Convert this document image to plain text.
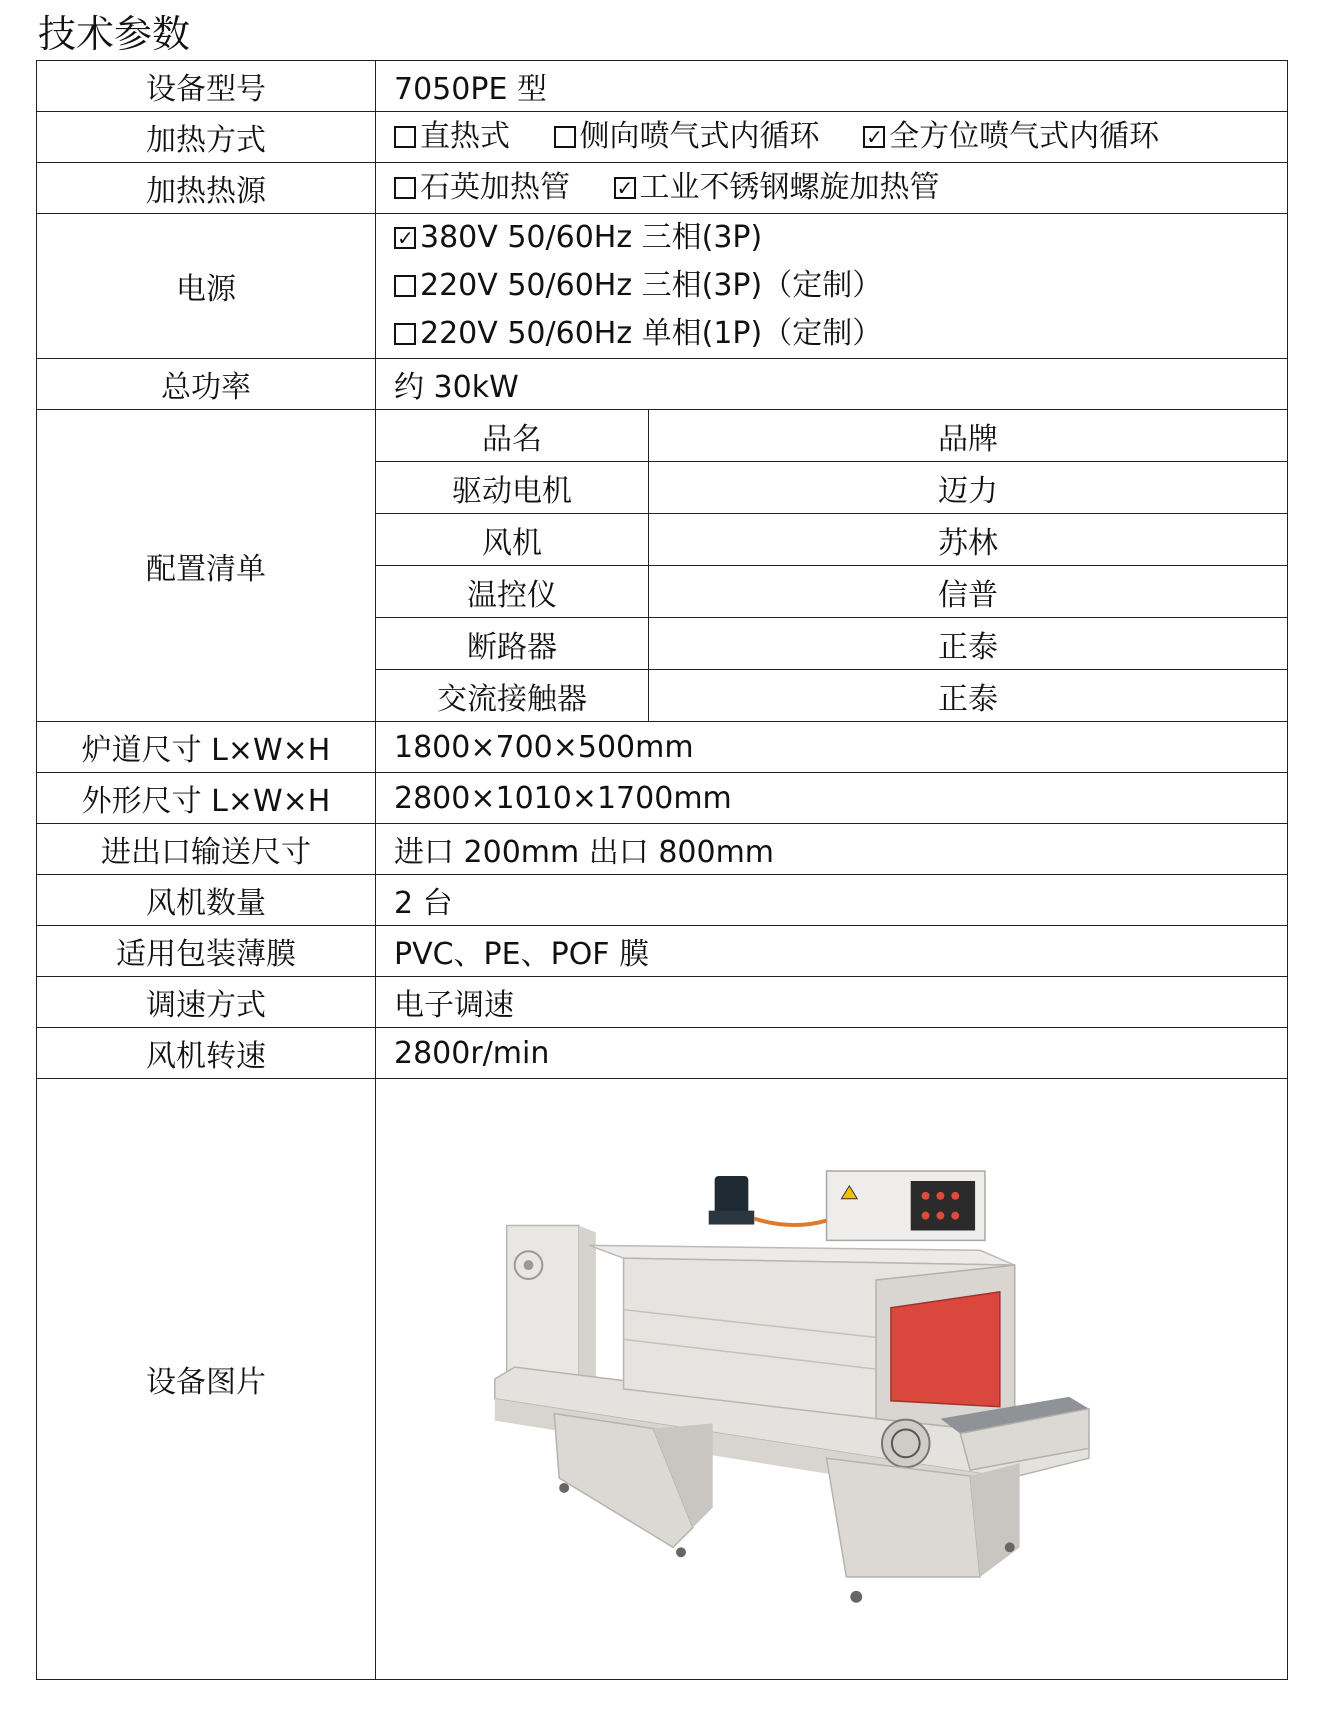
技术参数
设备型号	7050PE 型
加热方式	直热式 侧向喷气式内循环 ✓ 全方位喷气式内循环

加热热源	石英加热管 ✓ 工业不锈钢螺旋加热管

电源	
✓380V 50/60Hz 三相(3P)
220V 50/60Hz 三相(3P)（定制）
220V 50/60Hz 单相(1P)（定制）

总功率	约 30kW
配置清单	
品名	品牌
驱动电机	迈力
风机	苏林
温控仪	信普
断路器	正泰
交流接触器	正泰

炉道尺寸 L×W×H	1800×700×500mm
外形尺寸 L×W×H	2800×1010×1700mm
进出口输送尺寸	进口 200mm 出口 800mm
风机数量	2 台
适用包装薄膜	PVC、PE、POF 膜
调速方式	电子调速
风机转速	2800r/min
设备图片	
